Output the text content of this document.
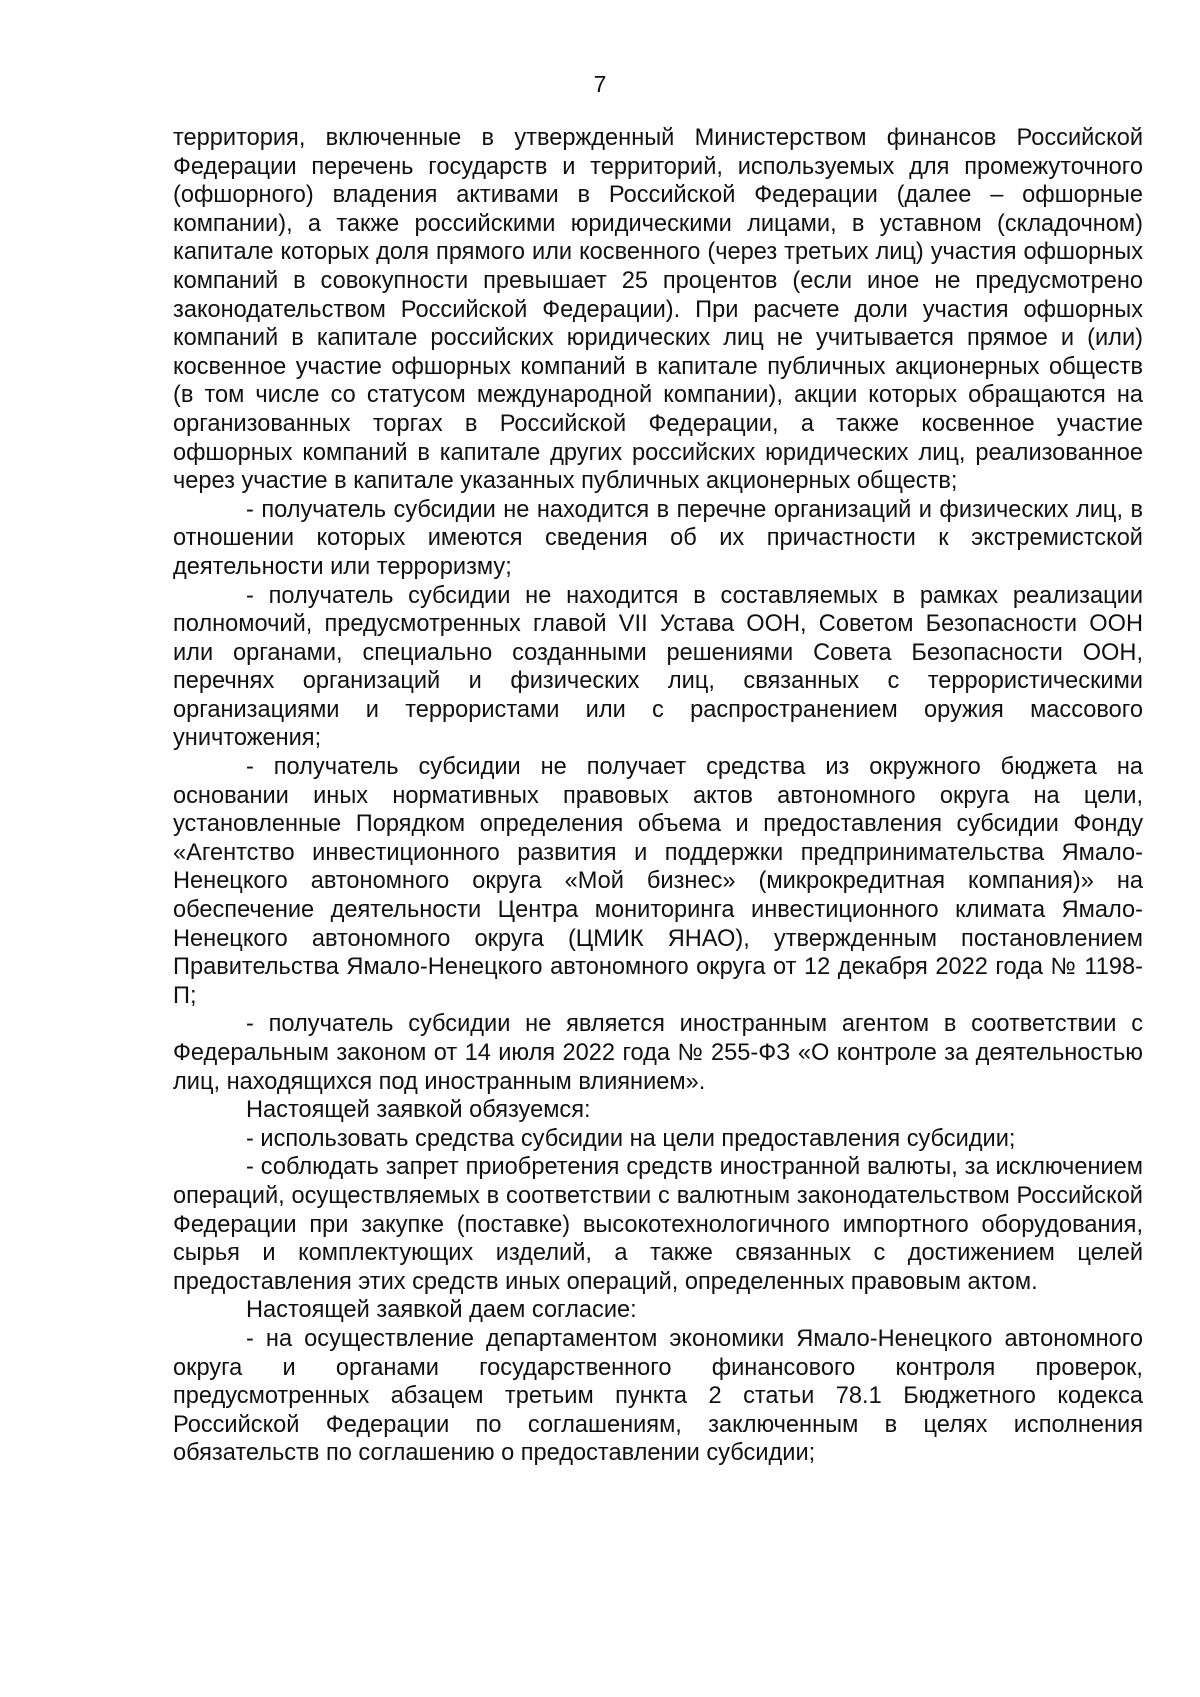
7

территория, включенные в утвержденный Министерством финансов Российской Федерации перечень государств и территорий, используемых для промежуточного (офшорного) владения активами в Российской Федерации (далее – офшорные компании), а также российскими юридическими лицами, в уставном (складочном) капитале которых доля прямого или косвенного (через третьих лиц) участия офшорных компаний в совокупности превышает 25 процентов (если иное не предусмотрено законодательством Российской Федерации). При расчете доли участия офшорных компаний в капитале российских юридических лиц не учитывается прямое и (или) косвенное участие офшорных компаний в капитале публичных акционерных обществ (в том числе со статусом международной компании), акции которых обращаются на организованных торгах в Российской Федерации, а также косвенное участие офшорных компаний в капитале других российских юридических лиц, реализованное через участие в капитале указанных публичных акционерных обществ;

- получатель субсидии не находится в перечне организаций и физических лиц, в отношении которых имеются сведения об их причастности к экстремистской деятельности или терроризму;

- получатель субсидии не находится в составляемых в рамках реализации полномочий, предусмотренных главой VII Устава ООН, Советом Безопасности ООН или органами, специально созданными решениями Совета Безопасности ООН, перечнях организаций и физических лиц, связанных с террористическими организациями и террористами или с распространением оружия массового уничтожения;

- получатель субсидии не получает средства из окружного бюджета на основании иных нормативных правовых актов автономного округа на цели, установленные Порядком определения объема и предоставления субсидии Фонду «Агентство инвестиционного развития и поддержки предпринимательства Ямало-Ненецкого автономного округа «Мой бизнес» (микрокредитная компания)» на обеспечение деятельности Центра мониторинга инвестиционного климата Ямало-Ненецкого автономного округа (ЦМИК ЯНАО), утвержденным постановлением Правительства Ямало-Ненецкого автономного округа от 12 декабря 2022 года № 1198-П;

- получатель субсидии не является иностранным агентом в соответствии с Федеральным законом от 14 июля 2022 года № 255-ФЗ «О контроле за деятельностью лиц, находящихся под иностранным влиянием».

Настоящей заявкой обязуемся:

- использовать средства субсидии на цели предоставления субсидии;

- соблюдать запрет приобретения средств иностранной валюты, за исключением операций, осуществляемых в соответствии с валютным законодательством Российской Федерации при закупке (поставке) высокотехнологичного импортного оборудования, сырья и комплектующих изделий, а также связанных с достижением целей предоставления этих средств иных операций, определенных правовым актом.

Настоящей заявкой даем согласие:

- на осуществление департаментом экономики Ямало-Ненецкого автономного округа и органами государственного финансового контроля проверок, предусмотренных абзацем третьим пункта 2 статьи 78.1 Бюджетного кодекса Российской Федерации по соглашениям, заключенным в целях исполнения обязательств по соглашению о предоставлении субсидии;
